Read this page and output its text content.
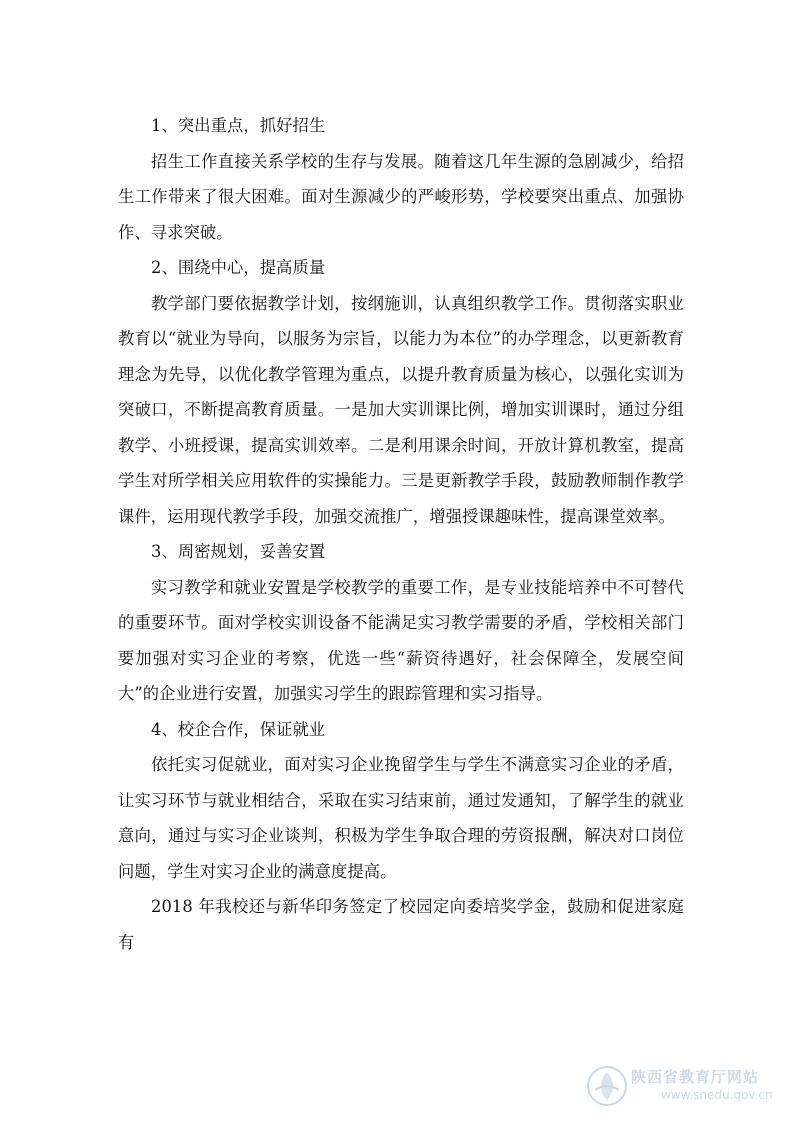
1、突出重点，抓好招生

招生工作直接关系学校的生存与发展。随着这几年生源的急剧减少，给招生工作带来了很大困难。面对生源减少的严峻形势，学校要突出重点、加强协作、寻求突破。

2、围绕中心，提高质量

教学部门要依据教学计划，按纲施训，认真组织教学工作。贯彻落实职业教育以“就业为导向，以服务为宗旨，以能力为本位”的办学理念，以更新教育理念为先导，以优化教学管理为重点，以提升教育质量为核心，以强化实训为突破口，不断提高教育质量。一是加大实训课比例，增加实训课时，通过分组教学、小班授课，提高实训效率。二是利用课余时间，开放计算机教室，提高学生对所学相关应用软件的实操能力。三是更新教学手段，鼓励教师制作教学课件，运用现代教学手段，加强交流推广，增强授课趣味性，提高课堂效率。

3、周密规划，妥善安置

实习教学和就业安置是学校教学的重要工作，是专业技能培养中不可替代的重要环节。面对学校实训设备不能满足实习教学需要的矛盾，学校相关部门要加强对实习企业的考察，优选一些“薪资待遇好，社会保障全，发展空间大”的企业进行安置，加强实习学生的跟踪管理和实习指导。

4、校企合作，保证就业

依托实习促就业，面对实习企业挽留学生与学生不满意实习企业的矛盾，让实习环节与就业相结合，采取在实习结束前，通过发通知，了解学生的就业意向，通过与实习企业谈判，积极为学生争取合理的劳资报酬，解决对口岗位问题，学生对实习企业的满意度提高。

2018 年我校还与新华印务签定了校园定向委培奖学金，鼓励和促进家庭有

陕西省教育厅网站
www.snedu.gov.cn
